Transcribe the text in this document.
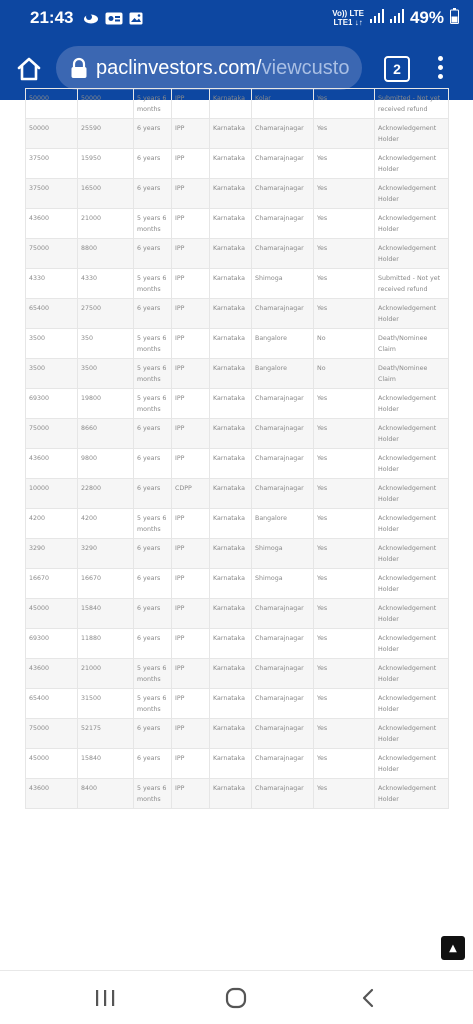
21:43	Vo)) LTE
LTE1 ↓↑	49%
paclinvestors.com/viewcusto	2
50000	50000	5 years 6 months	IPP	Karnataka	Kolar	Yes	Submitted - Not yet received refund
50000	25590	6 years	IPP	Karnataka	Chamarajnagar	Yes	Acknowledgement Holder
37500	15950	6 years	IPP	Karnataka	Chamarajnagar	Yes	Acknowledgement Holder
37500	16500	6 years	IPP	Karnataka	Chamarajnagar	Yes	Acknowledgement Holder
43600	21000	5 years 6 months	IPP	Karnataka	Chamarajnagar	Yes	Acknowledgement Holder
75000	8800	6 years	IPP	Karnataka	Chamarajnagar	Yes	Acknowledgement Holder
4330	4330	5 years 6 months	IPP	Karnataka	Shimoga	Yes	Submitted - Not yet received refund
65400	27500	6 years	IPP	Karnataka	Chamarajnagar	Yes	Acknowledgement Holder
3500	350	5 years 6 months	IPP	Karnataka	Bangalore	No	Death/Nominee Claim
3500	3500	5 years 6 months	IPP	Karnataka	Bangalore	No	Death/Nominee Claim
69300	19800	5 years 6 months	IPP	Karnataka	Chamarajnagar	Yes	Acknowledgement Holder
75000	8660	6 years	IPP	Karnataka	Chamarajnagar	Yes	Acknowledgement Holder
43600	9800	6 years	IPP	Karnataka	Chamarajnagar	Yes	Acknowledgement Holder
10000	22800	6 years	CDPP	Karnataka	Chamarajnagar	Yes	Acknowledgement Holder
4200	4200	5 years 6 months	IPP	Karnataka	Bangalore	Yes	Acknowledgement Holder
3290	3290	6 years	IPP	Karnataka	Shimoga	Yes	Acknowledgement Holder
16670	16670	6 years	IPP	Karnataka	Shimoga	Yes	Acknowledgement Holder
45000	15840	6 years	IPP	Karnataka	Chamarajnagar	Yes	Acknowledgement Holder
69300	11880	6 years	IPP	Karnataka	Chamarajnagar	Yes	Acknowledgement Holder
43600	21000	5 years 6 months	IPP	Karnataka	Chamarajnagar	Yes	Acknowledgement Holder
65400	31500	5 years 6 months	IPP	Karnataka	Chamarajnagar	Yes	Acknowledgement Holder
75000	52175	6 years	IPP	Karnataka	Chamarajnagar	Yes	Acknowledgement Holder
45000	15840	6 years	IPP	Karnataka	Chamarajnagar	Yes	Acknowledgement Holder
43600	8400	5 years 6 months	IPP	Karnataka	Chamarajnagar	Yes	Acknowledgement Holder
▲
